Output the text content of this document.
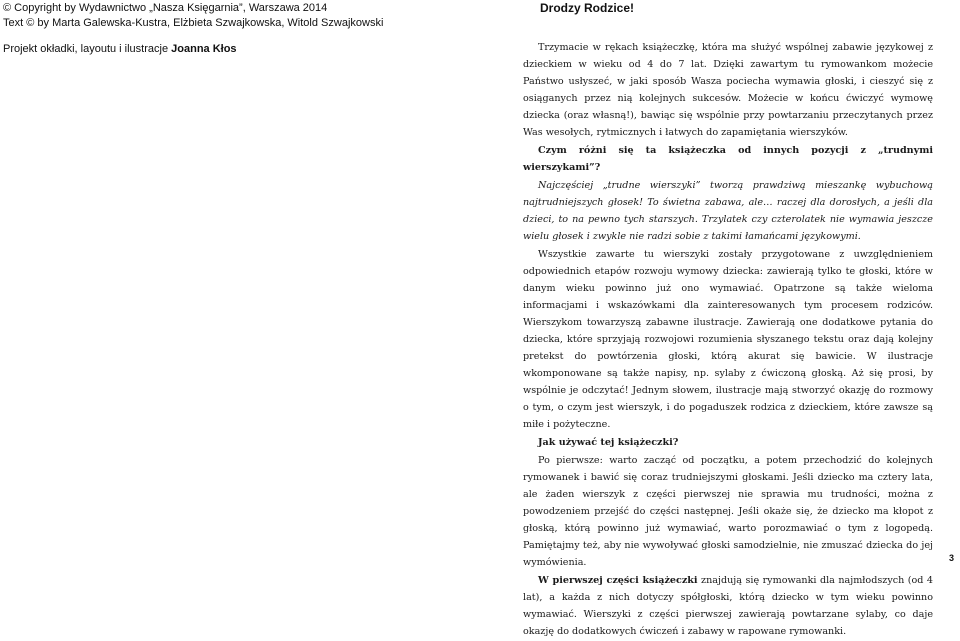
© Copyright by Wydawnictwo „Nasza Księgarnia”, Warszawa 2014
Text © by Marta Galewska-Kustra, Elżbieta Szwajkowska, Witold Szwajkowski
Projekt okładki, layoutu i ilustracje Joanna Kłos
Drodzy Rodzice!

Trzymacie w rękach książeczkę, która ma służyć wspólnej zabawie językowej z dzieckiem w wieku od 4 do 7 lat. Dzięki zawartym tu rymowankom możecie Państwo usłyszeć, w jaki sposób Wasza pociecha wymawia głoski, i cieszyć się z osiąganych przez nią kolejnych sukcesów. Możecie w końcu ćwiczyć wymowę dziecka (oraz własną!), bawiąc się wspólnie przy powtarzaniu przeczytanych przez Was wesołych, rytmicznych i łatwych do zapamiętania wierszyków.

Czym różni się ta książeczka od innych pozycji z „trudnymi wierszykami”?

Najczęściej „trudne wierszyki” tworzą prawdziwą mieszankę wybuchową najtrudniejszych głosek! To świetna zabawa, ale… raczej dla dorosłych, a jeśli dla dzieci, to na pewno tych starszych. Trzylatek czy czterolatek nie wymawia jeszcze wielu głosek i zwykle nie radzi sobie z takimi łamańcami językowymi.

Wszystkie zawarte tu wierszyki zostały przygotowane z uwzględnieniem odpowiednich etapów rozwoju wymowy dziecka: zawierają tylko te głoski, które w danym wieku powinno już ono wymawiać. Opatrzone są także wieloma informacjami i wskazówkami dla zainteresowanych tym procesem rodziców. Wierszykom towarzyszą zabawne ilustracje. Zawierają one dodatkowe pytania do dziecka, które sprzyjają rozwojowi rozumienia słyszanego tekstu oraz dają kolejny pretekst do powtórzenia głoski, którą akurat się bawicie. W ilustracje wkomponowane są także napisy, np. sylaby z ćwiczoną głoską. Aż się prosi, by wspólnie je odczytać! Jednym słowem, ilustracje mają stworzyć okazję do rozmowy o tym, o czym jest wierszyk, i do pogaduszek rodzica z dzieckiem, które zawsze są miłe i pożyteczne.

Jak używać tej książeczki?

Po pierwsze: warto zacząć od początku, a potem przechodzić do kolejnych rymowanek i bawić się coraz trudniejszymi głoskami. Jeśli dziecko ma cztery lata, ale żaden wierszyk z części pierwszej nie sprawia mu trudności, można z powodzeniem przejść do części następnej. Jeśli okaże się, że dziecko ma kłopot z głoską, którą powinno już wymawiać, warto porozmawiać o tym z logopedą. Pamiętajmy też, aby nie wywoływać głoski samodzielnie, nie zmuszać dziecka do jej wymówienia.

W pierwszej części książeczki znajdują się rymowanki dla najmłodszych (od 4 lat), a każda z nich dotyczy spółgłoski, którą dziecko w tym wieku powinno wymawiać. Wierszyki z części pierwszej zawierają powtarzane sylaby, co daje okazję do dodatkowych ćwiczeń i zabawy w rapowane rymowanki.

3
